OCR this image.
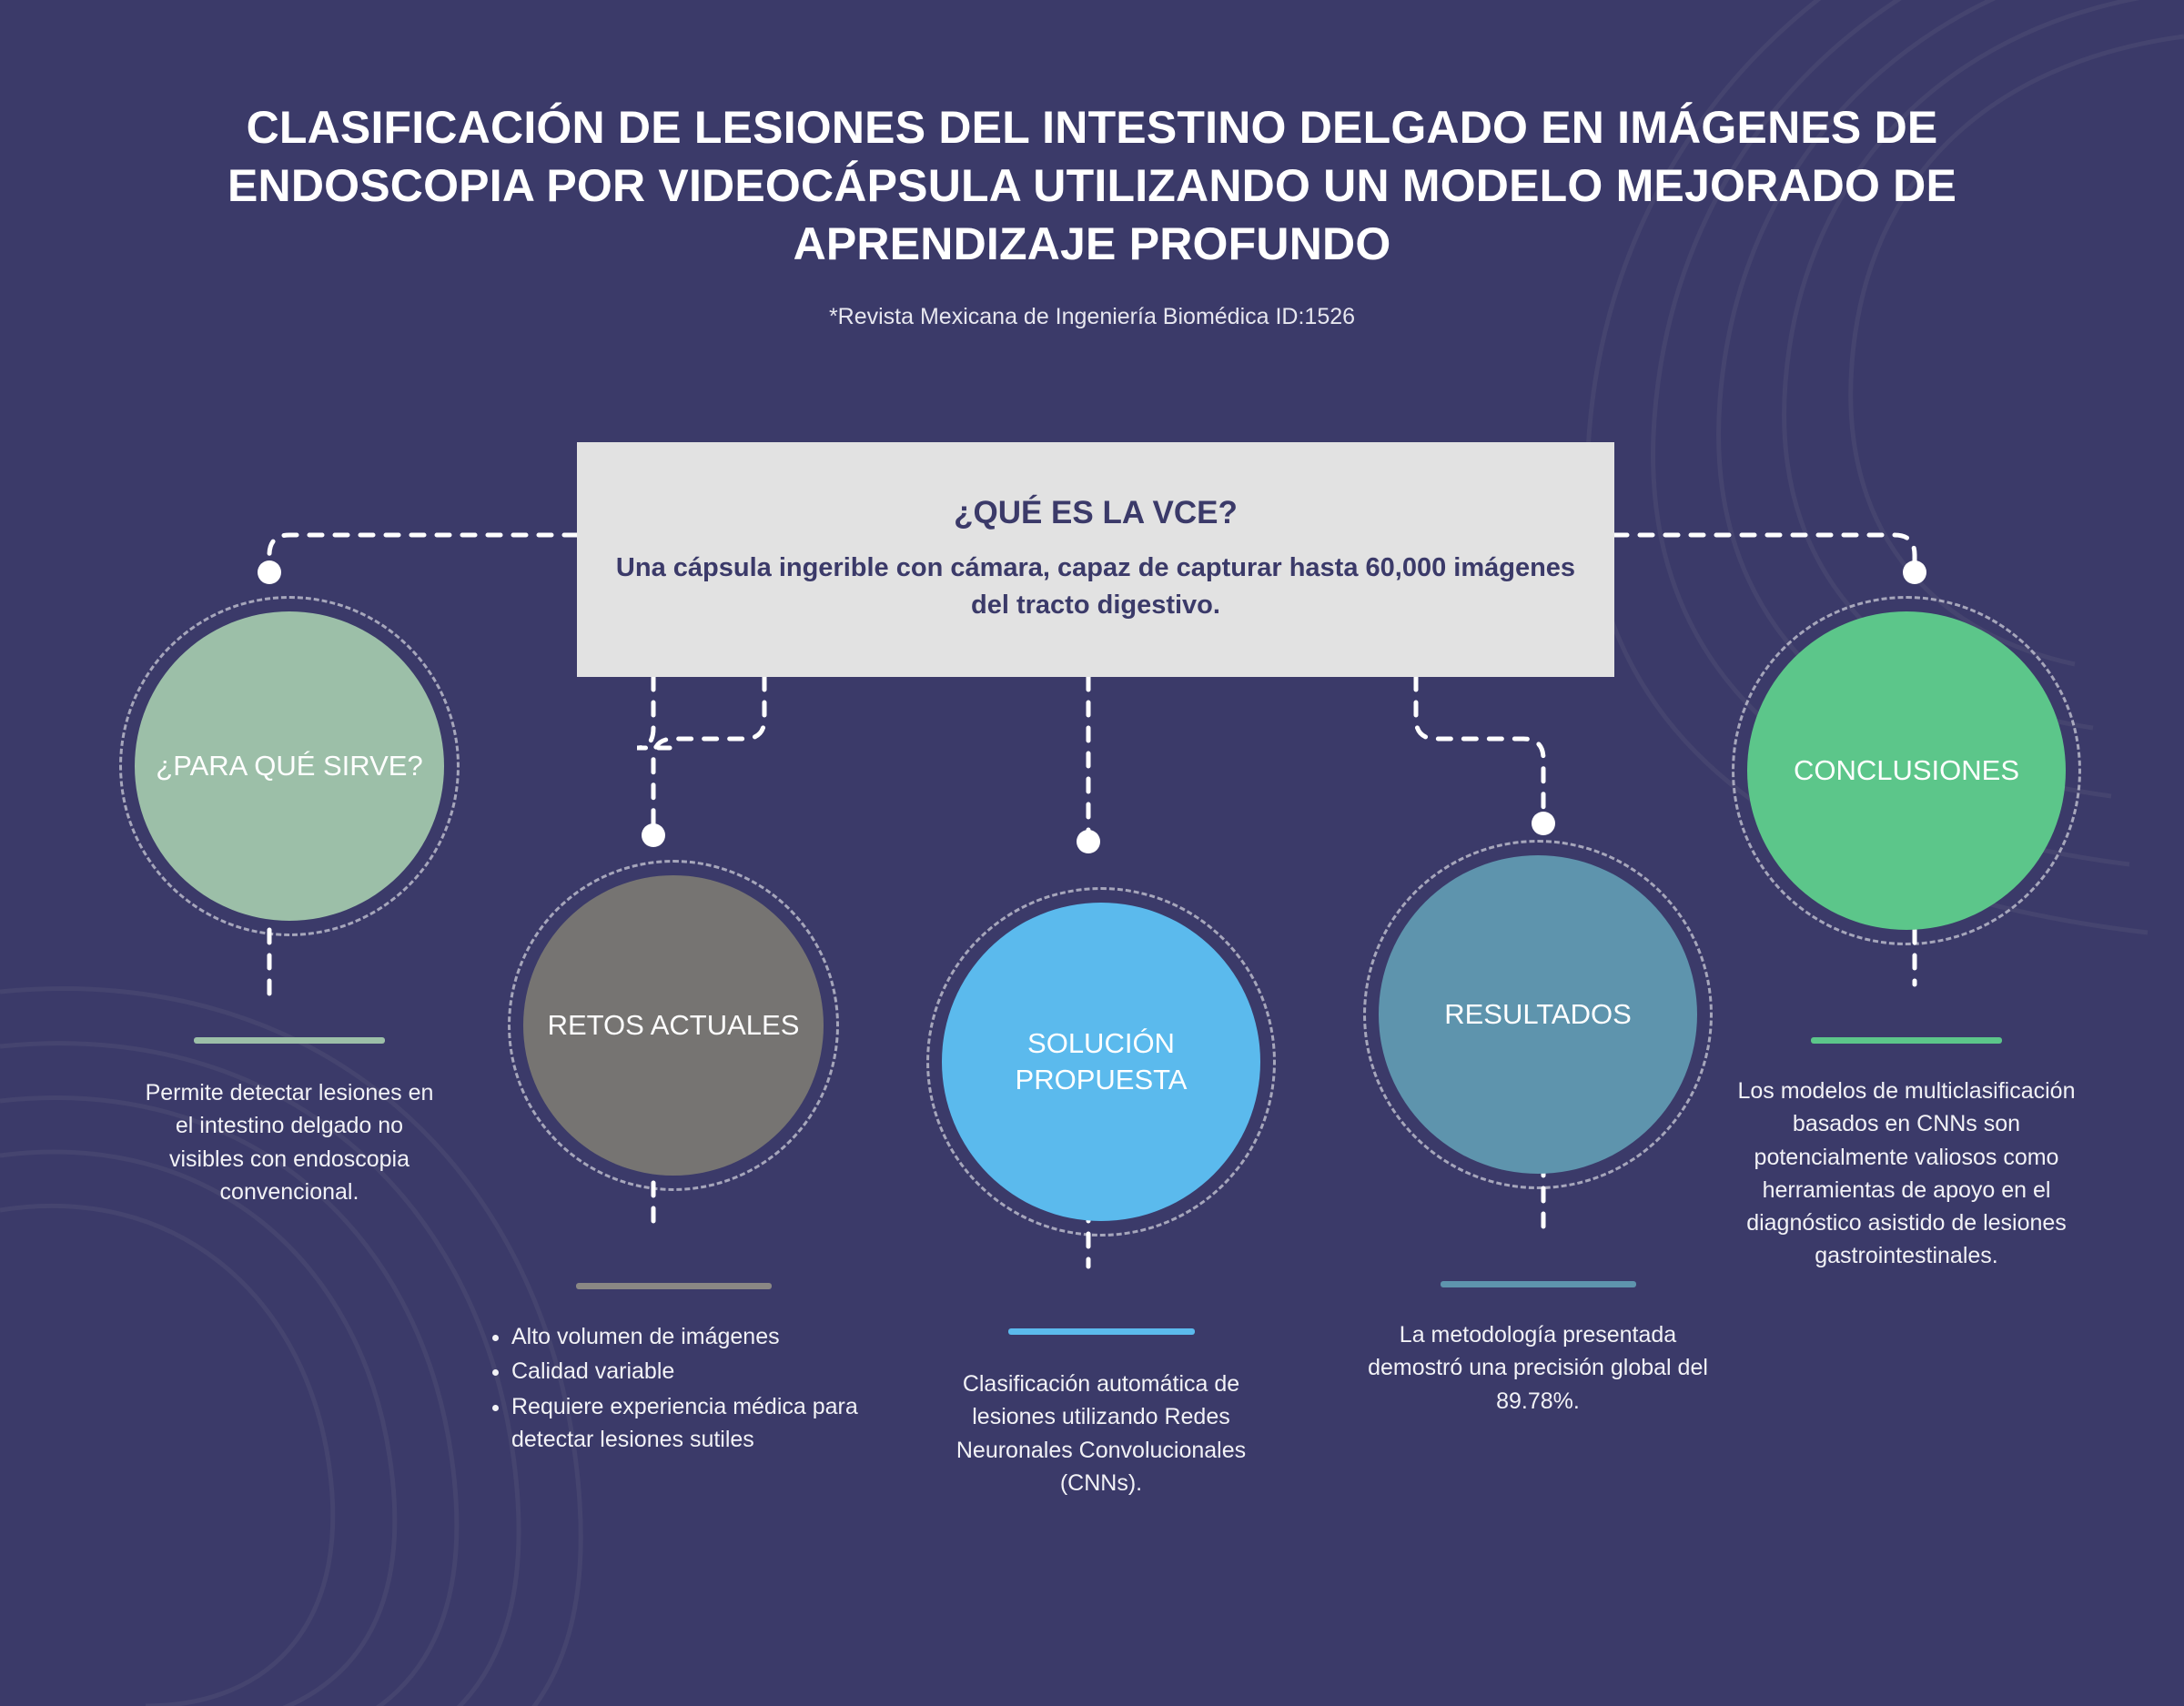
CLASIFICACIÓN DE LESIONES DEL INTESTINO DELGADO EN IMÁGENES DE ENDOSCOPIA POR VIDEOCÁPSULA UTILIZANDO UN MODELO MEJORADO DE APRENDIZAJE PROFUNDO
*Revista Mexicana de Ingeniería Biomédica ID:1526
¿QUÉ ES LA VCE?
Una cápsula ingerible con cámara, capaz de capturar hasta 60,000 imágenes del tracto digestivo.
¿PARA QUÉ SIRVE?
Permite detectar lesiones en el intestino delgado no visibles con endoscopia convencional.
RETOS ACTUALES
• Alto volumen de imágenes
• Calidad variable
• Requiere experiencia médica para detectar lesiones sutiles
SOLUCIÓN PROPUESTA
Clasificación automática de lesiones utilizando Redes Neuronales Convolucionales (CNNs).
RESULTADOS
La metodología presentada demostró una precisión global del 89.78%.
CONCLUSIONES
Los modelos de multiclasificación basados en CNNs son potencialmente valiosos como herramientas de apoyo en el diagnóstico asistido de lesiones gastrointestinales.
